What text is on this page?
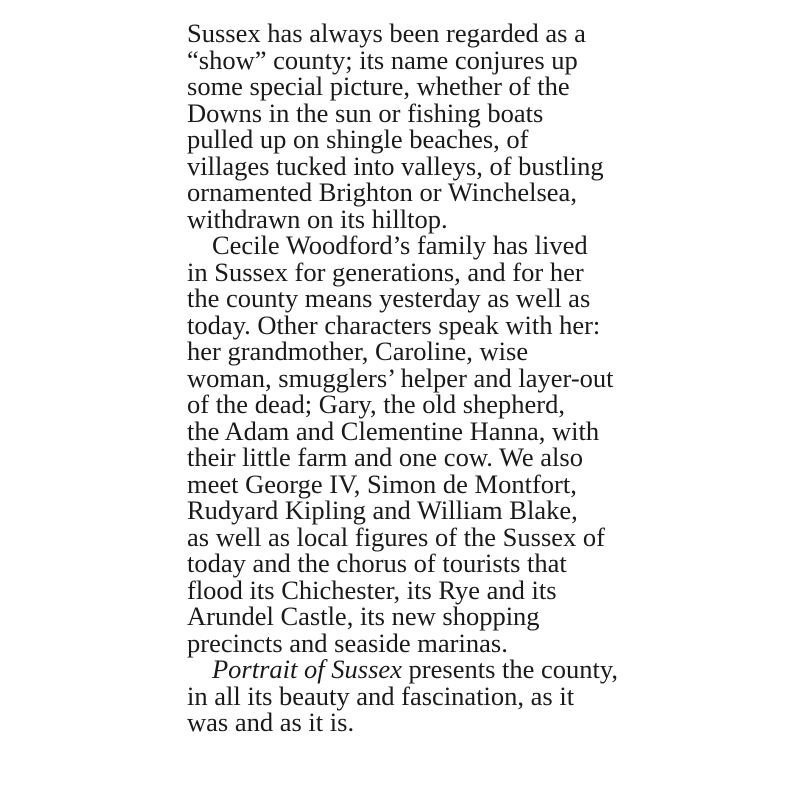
Sussex has always been regarded as a
“show” county; its name conjures up
some special picture, whether of the
Downs in the sun or fishing boats
pulled up on shingle beaches, of
villages tucked into valleys, of bustling
ornamented Brighton or Winchelsea,
withdrawn on its hilltop.

Cecile Woodford’s family has lived
in Sussex for generations, and for her
the county means yesterday as well as
today. Other characters speak with her:
her grandmother, Caroline, wise
woman, smugglers’ helper and layer-out
of the dead; Gary, the old shepherd,
the Adam and Clementine Hanna, with
their little farm and one cow. We also
meet George IV, Simon de Montfort,
Rudyard Kipling and William Blake,
as well as local figures of the Sussex of
today and the chorus of tourists that
flood its Chichester, its Rye and its
Arundel Castle, its new shopping
precincts and seaside marinas.

Portrait of Sussex presents the county,
in all its beauty and fascination, as it
was and as it is.
